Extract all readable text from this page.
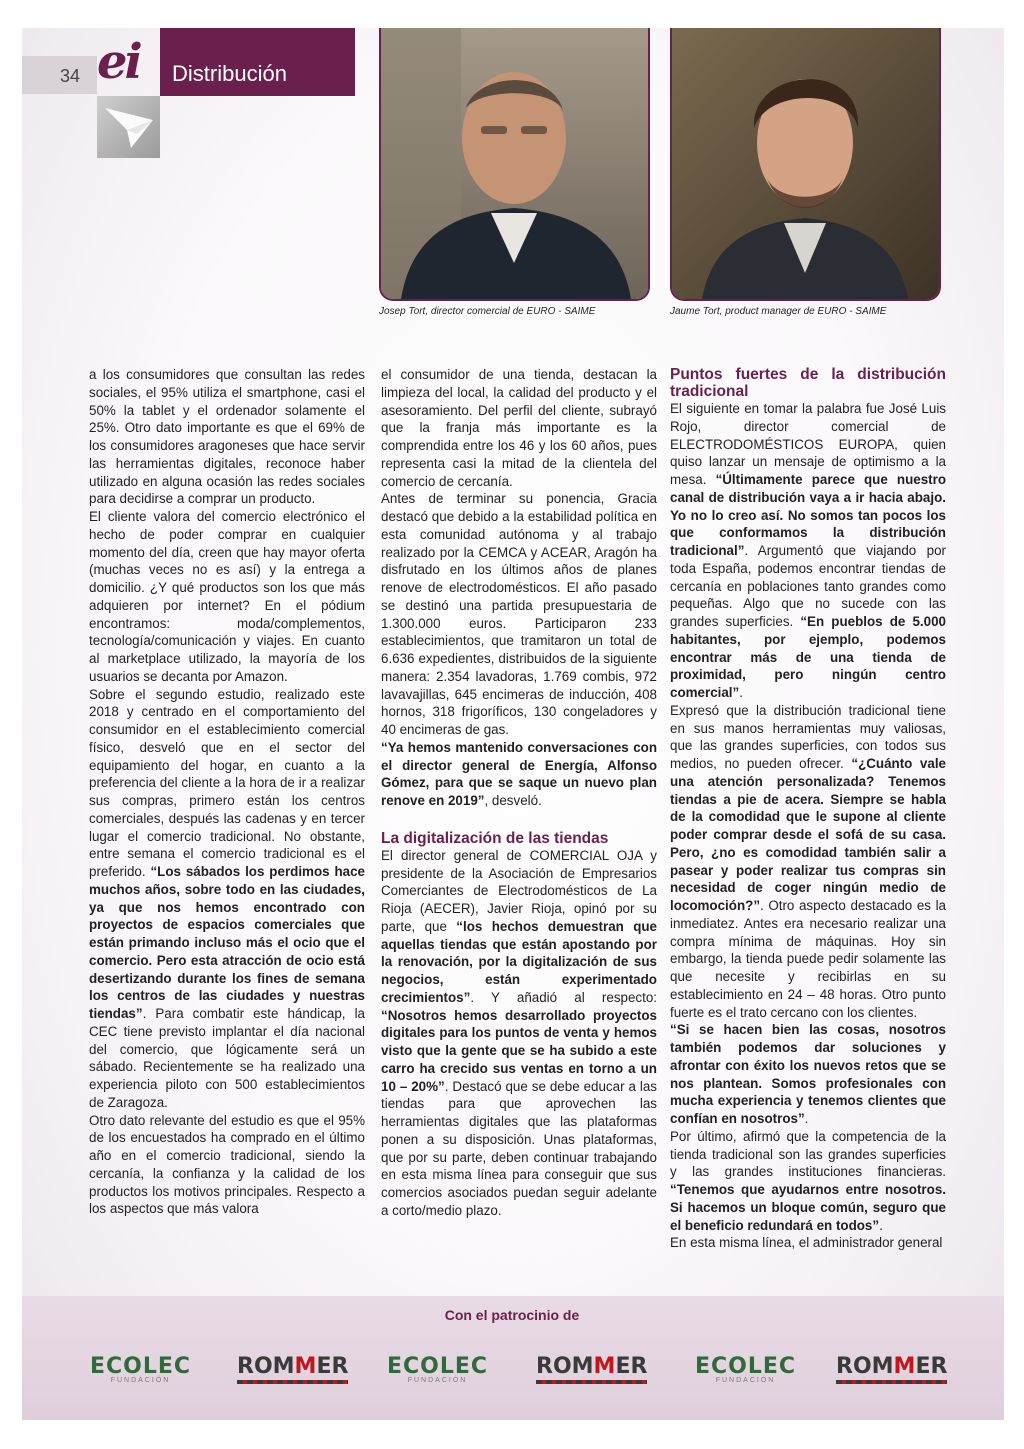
34 ei Distribución
Josep Tort, director comercial de EURO - SAIME	Jaume Tort, product manager de EURO - SAIME

a los consumidores que consultan las redes sociales, el 95% utiliza el smartphone, casi el 50% la tablet y el ordenador solamente el 25%. Otro dato importante es que el 69% de los consumidores aragoneses que hace servir las herramientas digitales, reconoce haber utilizado en alguna ocasión las redes sociales para decidirse a comprar un producto.

El cliente valora del comercio electrónico el hecho de poder comprar en cualquier momento del día, creen que hay mayor oferta (muchas veces no es así) y la entrega a domicilio. ¿Y qué productos son los que más adquieren por internet? En el pódium encontramos: moda/complementos, tecnología/comunicación y viajes. En cuanto al marketplace utilizado, la mayoría de los usuarios se decanta por Amazon.

Sobre el segundo estudio, realizado este 2018 y centrado en el comportamiento del consumidor en el establecimiento comercial físico, desveló que en el sector del equipamiento del hogar, en cuanto a la preferencia del cliente a la hora de ir a realizar sus compras, primero están los centros comerciales, después las cadenas y en tercer lugar el comercio tradicional. No obstante, entre semana el comercio tradicional es el preferido. “Los sábados los perdimos hace muchos años, sobre todo en las ciudades, ya que nos hemos encontrado con proyectos de espacios comerciales que están primando incluso más el ocio que el comercio. Pero esta atracción de ocio está desertizando durante los fines de semana los centros de las ciudades y nuestras tiendas”. Para combatir este hándicap, la CEC tiene previsto implantar el día nacional del comercio, que lógicamente será un sábado. Recientemente se ha realizado una experiencia piloto con 500 establecimientos de Zaragoza.

Otro dato relevante del estudio es que el 95% de los encuestados ha comprado en el último año en el comercio tradicional, siendo la cercanía, la confianza y la calidad de los productos los motivos principales. Respecto a los aspectos que más valora

el consumidor de una tienda, destacan la limpieza del local, la calidad del producto y el asesoramiento. Del perfil del cliente, subrayó que la franja más importante es la comprendida entre los 46 y los 60 años, pues representa casi la mitad de la clientela del comercio de cercanía.

Antes de terminar su ponencia, Gracia destacó que debido a la estabilidad política en esta comunidad autónoma y al trabajo realizado por la CEMCA y ACEAR, Aragón ha disfrutado en los últimos años de planes renove de electrodomésticos. El año pasado se destinó una partida presupuestaria de 1.300.000 euros. Participaron 233 establecimientos, que tramitaron un total de 6.636 expedientes, distribuidos de la siguiente manera: 2.354 lavadoras, 1.769 combis, 972 lavavajillas, 645 encimeras de inducción, 408 hornos, 318 frigoríficos, 130 congeladores y 40 encimeras de gas.

“Ya hemos mantenido conversaciones con el director general de Energía, Alfonso Gómez, para que se saque un nuevo plan renove en 2019”, desveló.

La digitalización de las tiendas

El director general de COMERCIAL OJA y presidente de la Asociación de Empresarios Comerciantes de Electrodomésticos de La Rioja (AECER), Javier Rioja, opinó por su parte, que “los hechos demuestran que aquellas tiendas que están apostando por la renovación, por la digitalización de sus negocios, están experimentado crecimientos”. Y añadió al respecto: “Nosotros hemos desarrollado proyectos digitales para los puntos de venta y hemos visto que la gente que se ha subido a este carro ha crecido sus ventas en torno a un 10 – 20%”. Destacó que se debe educar a las tiendas para que aprovechen las herramientas digitales que las plataformas ponen a su disposición. Unas plataformas, que por su parte, deben continuar trabajando en esta misma línea para conseguir que sus comercios asociados puedan seguir adelante a corto/medio plazo.

Puntos fuertes de la distribución tradicional

El siguiente en tomar la palabra fue José Luis Rojo, director comercial de ELECTRODOMÉSTICOS EUROPA, quien quiso lanzar un mensaje de optimismo a la mesa. “Últimamente parece que nuestro canal de distribución vaya a ir hacia abajo. Yo no lo creo así. No somos tan pocos los que conformamos la distribución tradicional”. Argumentó que viajando por toda España, podemos encontrar tiendas de cercanía en poblaciones tanto grandes como pequeñas. Algo que no sucede con las grandes superficies. “En pueblos de 5.000 habitantes, por ejemplo, podemos encontrar más de una tienda de proximidad, pero ningún centro comercial”.

Expresó que la distribución tradicional tiene en sus manos herramientas muy valiosas, que las grandes superficies, con todos sus medios, no pueden ofrecer. “¿Cuánto vale una atención personalizada? Tenemos tiendas a pie de acera. Siempre se habla de la comodidad que le supone al cliente poder comprar desde el sofá de su casa. Pero, ¿no es comodidad también salir a pasear y poder realizar tus compras sin necesidad de coger ningún medio de locomoción?”. Otro aspecto destacado es la inmediatez. Antes era necesario realizar una compra mínima de máquinas. Hoy sin embargo, la tienda puede pedir solamente las que necesite y recibirlas en su establecimiento en 24 – 48 horas. Otro punto fuerte es el trato cercano con los clientes.

“Si se hacen bien las cosas, nosotros también podemos dar soluciones y afrontar con éxito los nuevos retos que se nos plantean. Somos profesionales con mucha experiencia y tenemos clientes que confían en nosotros”.

Por último, afirmó que la competencia de la tienda tradicional son las grandes superficies y las grandes instituciones financieras. “Tenemos que ayudarnos entre nosotros. Si hacemos un bloque común, seguro que el beneficio redundará en todos”.

En esta misma línea, el administrador general

Con el patrocinio de
ECOLEC
FUNDACIÓN
ROMMER ECOLEC
FUNDACIÓN
ROMMER ECOLEC
FUNDACIÓN
ROMMER
